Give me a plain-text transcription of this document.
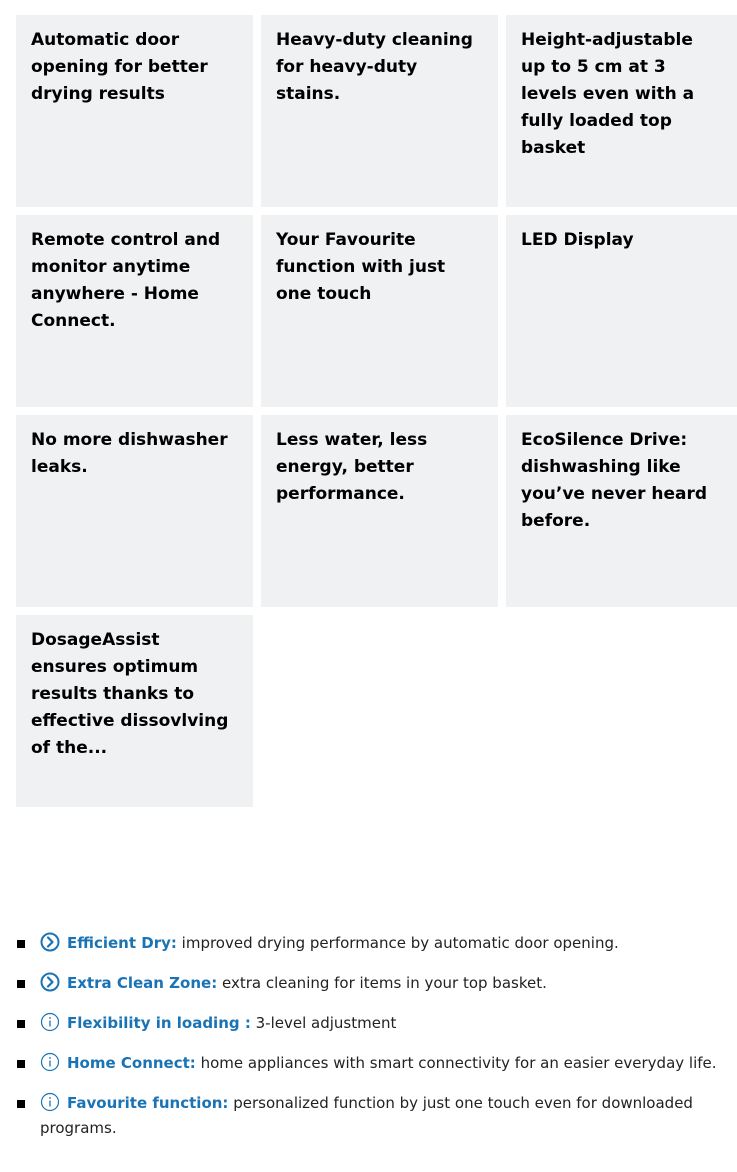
Automatic door opening for better drying results

Heavy-duty cleaning for heavy-duty stains.

Height-adjustable up to 5 cm at 3 levels even with a fully loaded top basket

Remote control and monitor anytime anywhere - Home Connect.

Your Favourite function with just one touch

LED Display

No more dishwasher leaks.

Less water, less energy, better performance.

EcoSilence Drive: dishwashing like you’ve never heard before.

DosageAssist ensures optimum results thanks to effective dissovlving of the...

Efficient Dry: improved drying performance by automatic door opening.
Extra Clean Zone: extra cleaning for items in your top basket.
Flexibility in loading : 3-level adjustment
Home Connect: home appliances with smart connectivity for an easier everyday life.
Favourite function: personalized function by just one touch even for downloaded programs.
